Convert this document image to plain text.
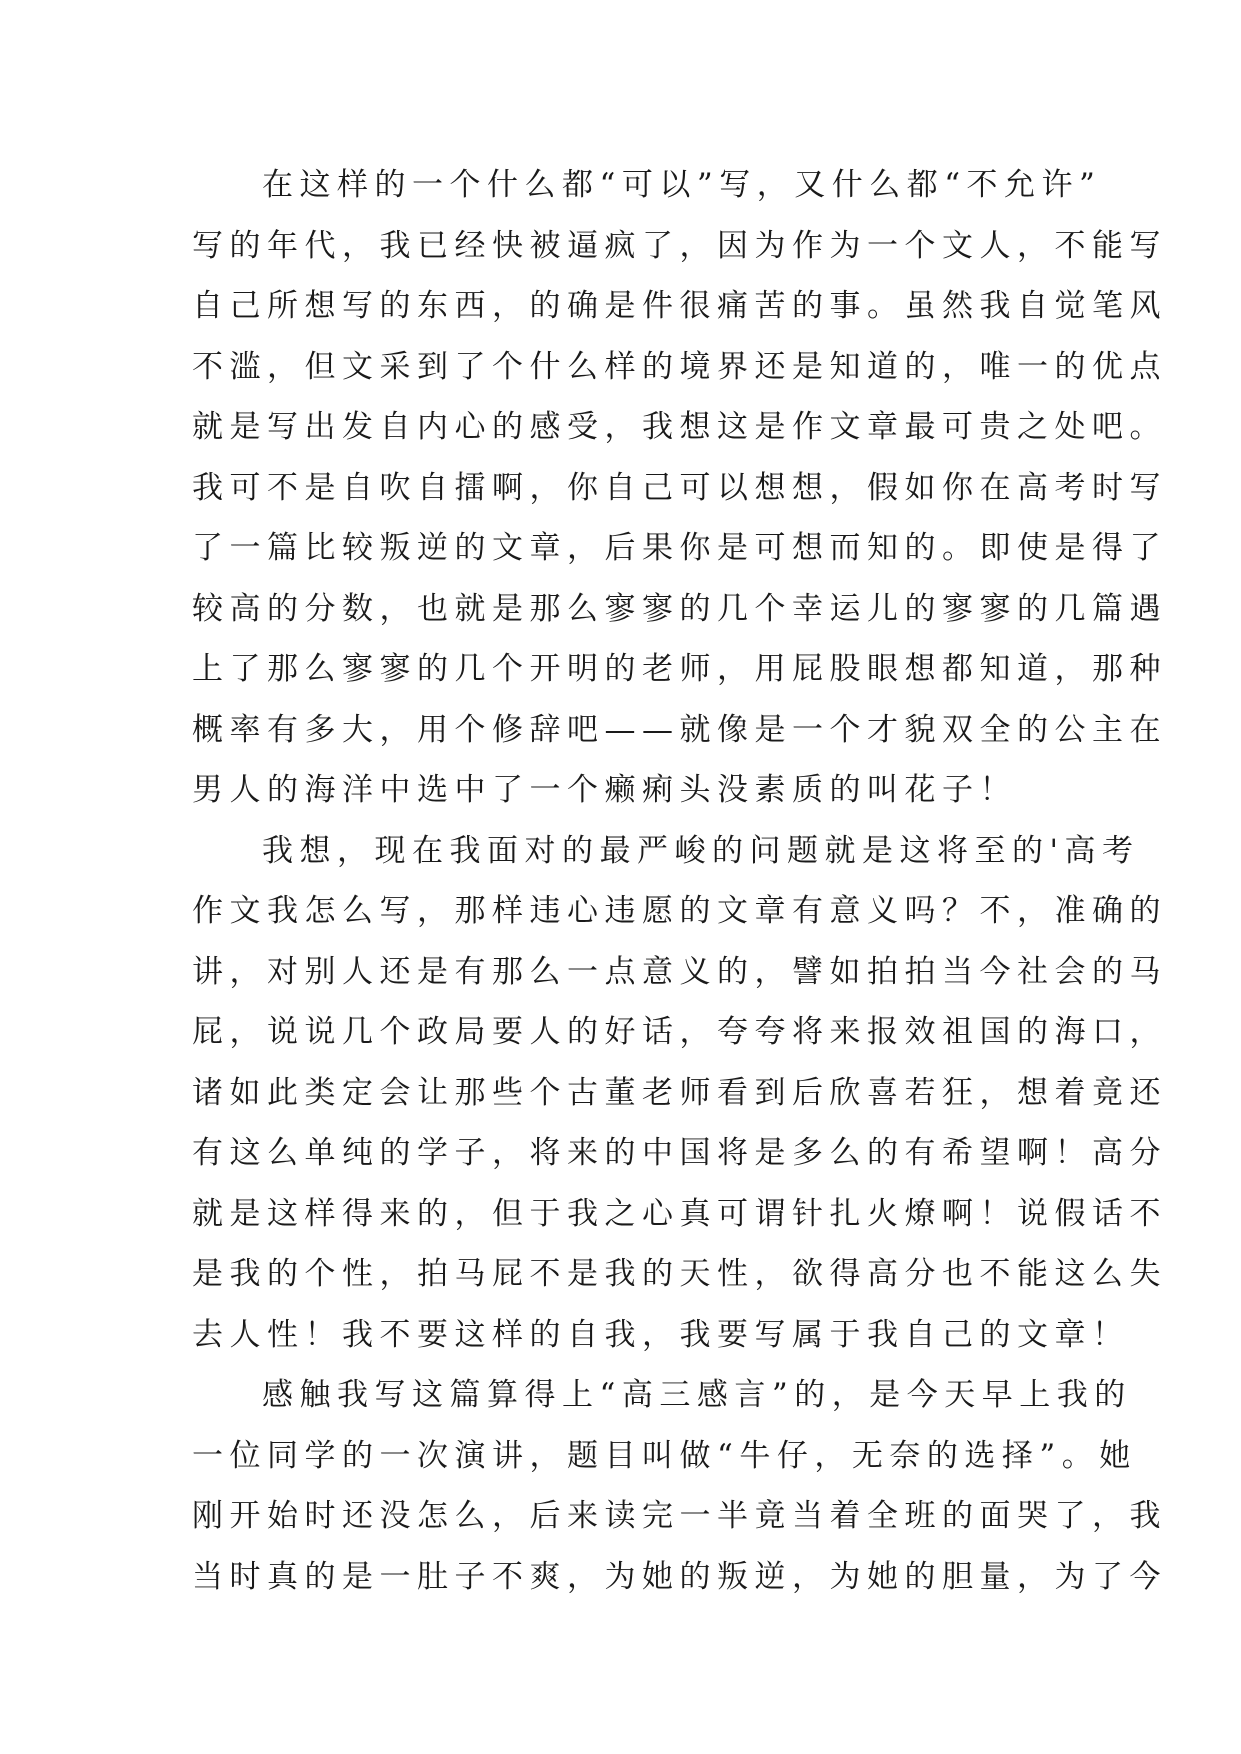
在这样的一个什么都“可以”写，又什么都“不允许”
写的年代，我已经快被逼疯了，因为作为一个文人，不能写
自己所想写的东西，的确是件很痛苦的事。虽然我自觉笔风
不滥，但文采到了个什么样的境界还是知道的，唯一的优点
就是写出发自内心的感受，我想这是作文章最可贵之处吧。
我可不是自吹自擂啊，你自己可以想想，假如你在高考时写
了一篇比较叛逆的文章，后果你是可想而知的。即使是得了
较高的分数，也就是那么寥寥的几个幸运儿的寥寥的几篇遇
上了那么寥寥的几个开明的老师，用屁股眼想都知道，那种
概率有多大，用个修辞吧——就像是一个才貌双全的公主在
男人的海洋中选中了一个癞痢头没素质的叫花子！
我想，现在我面对的最严峻的问题就是这将至的'高考
作文我怎么写，那样违心违愿的文章有意义吗？不，准确的
讲，对别人还是有那么一点意义的，譬如拍拍当今社会的马
屁，说说几个政局要人的好话，夸夸将来报效祖国的海口，
诸如此类定会让那些个古董老师看到后欣喜若狂，想着竟还
有这么单纯的学子，将来的中国将是多么的有希望啊！高分
就是这样得来的，但于我之心真可谓针扎火燎啊！说假话不
是我的个性，拍马屁不是我的天性，欲得高分也不能这么失
去人性！我不要这样的自我，我要写属于我自己的文章！
感触我写这篇算得上“高三感言”的，是今天早上我的
一位同学的一次演讲，题目叫做“牛仔，无奈的选择”。她
刚开始时还没怎么，后来读完一半竟当着全班的面哭了，我
当时真的是一肚子不爽，为她的叛逆，为她的胆量，为了今
